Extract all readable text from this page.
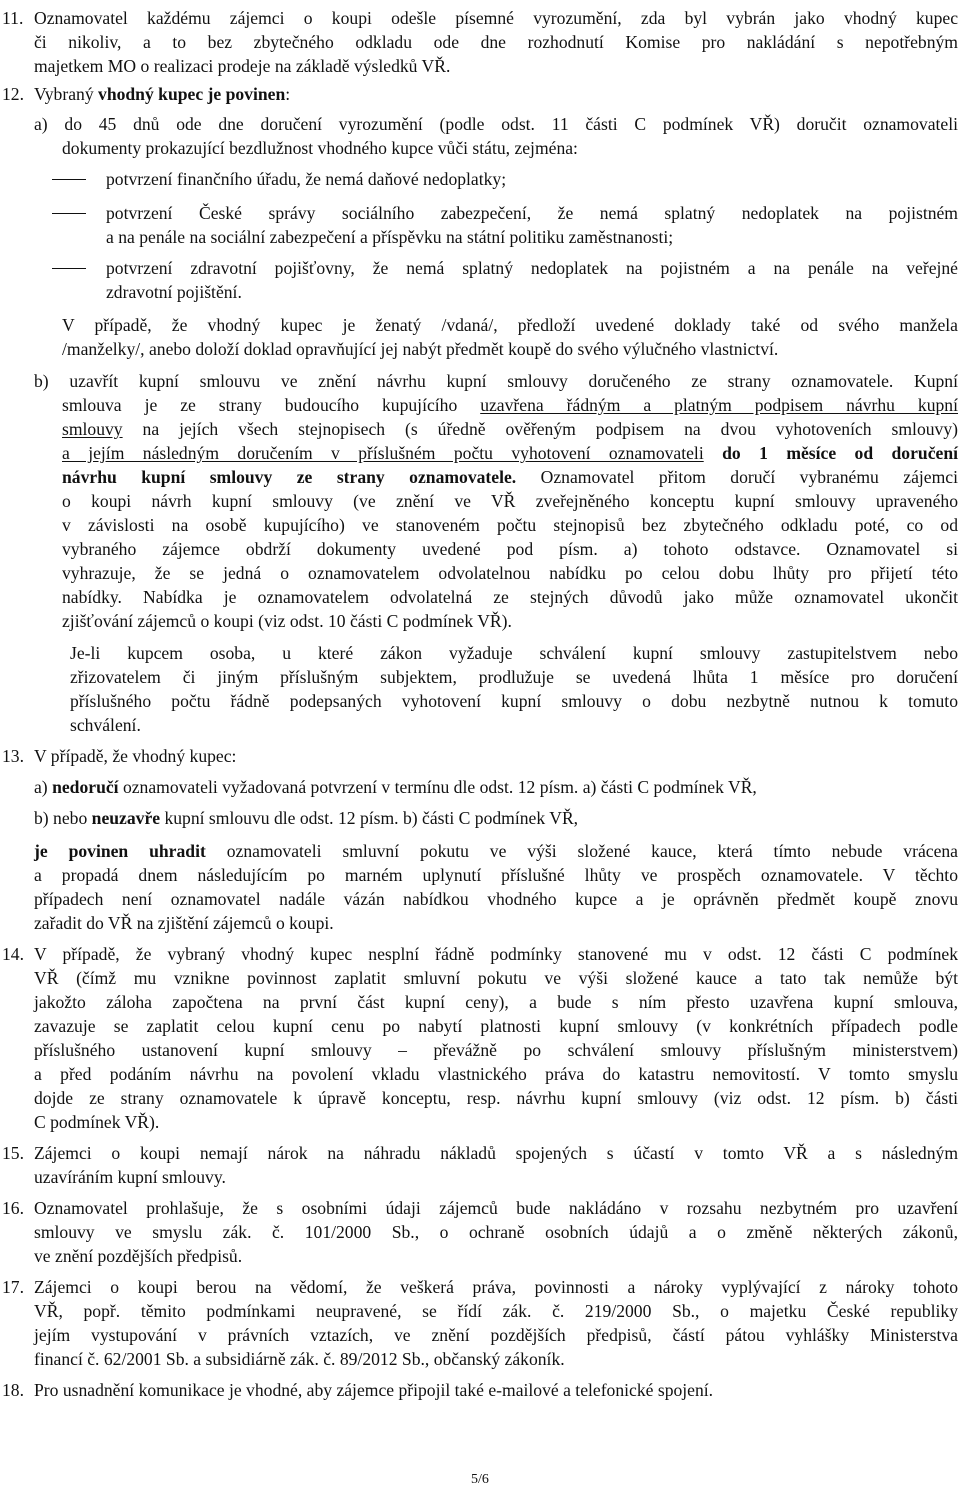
11. Oznamovatel každému zájemci o koupi odešle písemné vyrozumění, zda byl vybrán jako vhodný kupec
či nikoliv, a to bez zbytečného odkladu ode dne rozhodnutí Komise pro nakládání s nepotřebným
majetkem MO o realizaci prodeje na základě výsledků VŘ.
12. Vybraný vhodný kupec je povinen:
a) do 45 dnů ode dne doručení vyrozumění (podle odst. 11 části C podmínek VŘ) doručit oznamovateli
dokumenty prokazující bezdlužnost vhodného kupce vůči státu, zejména:
potvrzení finančního úřadu, že nemá daňové nedoplatky;
potvrzení České správy sociálního zabezpečení, že nemá splatný nedoplatek na pojistném
a na penále na sociální zabezpečení a příspěvku na státní politiku zaměstnanosti;
potvrzení zdravotní pojišťovny, že nemá splatný nedoplatek na pojistném a na penále na veřejné
zdravotní pojištění.
V případě, že vhodný kupec je ženatý /vdaná/, předloží uvedené doklady také od svého manžela
/manželky/, anebo doloží doklad opravňující jej nabýt předmět koupě do svého výlučného vlastnictví.
b) uzavřít kupní smlouvu ve znění návrhu kupní smlouvy doručeného ze strany oznamovatele. Kupní
smlouva je ze strany budoucího kupujícího uzavřena řádným a platným podpisem návrhu kupní
smlouvy na jejích všech stejnopisech (s úředně ověřeným podpisem na dvou vyhotoveních smlouvy)
a jejím následným doručením v příslušném počtu vyhotovení oznamovateli do 1 měsíce od doručení
návrhu kupní smlouvy ze strany oznamovatele. Oznamovatel přitom doručí vybranému zájemci
o koupi návrh kupní smlouvy (ve znění ve VŘ zveřejněného konceptu kupní smlouvy upraveného
v závislosti na osobě kupujícího) ve stanoveném počtu stejnopisů bez zbytečného odkladu poté, co od
vybraného zájemce obdrží dokumenty uvedené pod písm. a) tohoto odstavce. Oznamovatel si
vyhrazuje, že se jedná o oznamovatelem odvolatelnou nabídku po celou dobu lhůty pro přijetí této
nabídky. Nabídka je oznamovatelem odvolatelná ze stejných důvodů jako může oznamovatel ukončit
zjišťování zájemců o koupi (viz odst. 10 části C podmínek VŘ).
Je-li kupcem osoba, u které zákon vyžaduje schválení kupní smlouvy zastupitelstvem nebo
zřizovatelem či jiným příslušným subjektem, prodlužuje se uvedená lhůta 1 měsíce pro doručení
příslušného počtu řádně podepsaných vyhotovení kupní smlouvy o dobu nezbytně nutnou k tomuto
schválení.
13. V případě, že vhodný kupec:
a) nedoručí oznamovateli vyžadovaná potvrzení v termínu dle odst. 12 písm. a) části C podmínek VŘ,
b) nebo neuzavře kupní smlouvu dle odst. 12 písm. b) části C podmínek VŘ,
je povinen uhradit oznamovateli smluvní pokutu ve výši složené kauce, která tímto nebude vrácena
a propadá dnem následujícím po marném uplynutí příslušné lhůty ve prospěch oznamovatele. V těchto
případech není oznamovatel nadále vázán nabídkou vhodného kupce a je oprávněn předmět koupě znovu
zařadit do VŘ na zjištění zájemců o koupi.
14. V případě, že vybraný vhodný kupec nesplní řádně podmínky stanovené mu v odst. 12 části C podmínek
VŘ (čímž mu vznikne povinnost zaplatit smluvní pokutu ve výši složené kauce a tato tak nemůže být
jakožto záloha započtena na první část kupní ceny), a bude s ním přesto uzavřena kupní smlouva,
zavazuje se zaplatit celou kupní cenu po nabytí platnosti kupní smlouvy (v konkrétních případech podle
příslušného ustanovení kupní smlouvy – převážně po schválení smlouvy příslušným ministerstvem)
a před podáním návrhu na povolení vkladu vlastnického práva do katastru nemovitostí. V tomto smyslu
dojde ze strany oznamovatele k úpravě konceptu, resp. návrhu kupní smlouvy (viz odst. 12 písm. b) části
C podmínek VŘ).
15. Zájemci o koupi nemají nárok na náhradu nákladů spojených s účastí v tomto VŘ a s následným
uzavíráním kupní smlouvy.
16. Oznamovatel prohlašuje, že s osobními údaji zájemců bude nakládáno v rozsahu nezbytném pro uzavření
smlouvy ve smyslu zák. č. 101/2000 Sb., o ochraně osobních údajů a o změně některých zákonů,
ve znění pozdějších předpisů.
17. Zájemci o koupi berou na vědomí, že veškerá práva, povinnosti a nároky vyplývající z nároky tohoto
VŘ, popř. těmito podmínkami neupravené, se řídí zák. č. 219/2000 Sb., o majetku České republiky
jejím vystupování v právních vztazích, ve znění pozdějších předpisů, částí pátou vyhlášky Ministerstva
financí č. 62/2001 Sb. a subsidiárně zák. č. 89/2012 Sb., občanský zákoník.
18. Pro usnadnění komunikace je vhodné, aby zájemce připojil také e-mailové a telefonické spojení.
5/6
